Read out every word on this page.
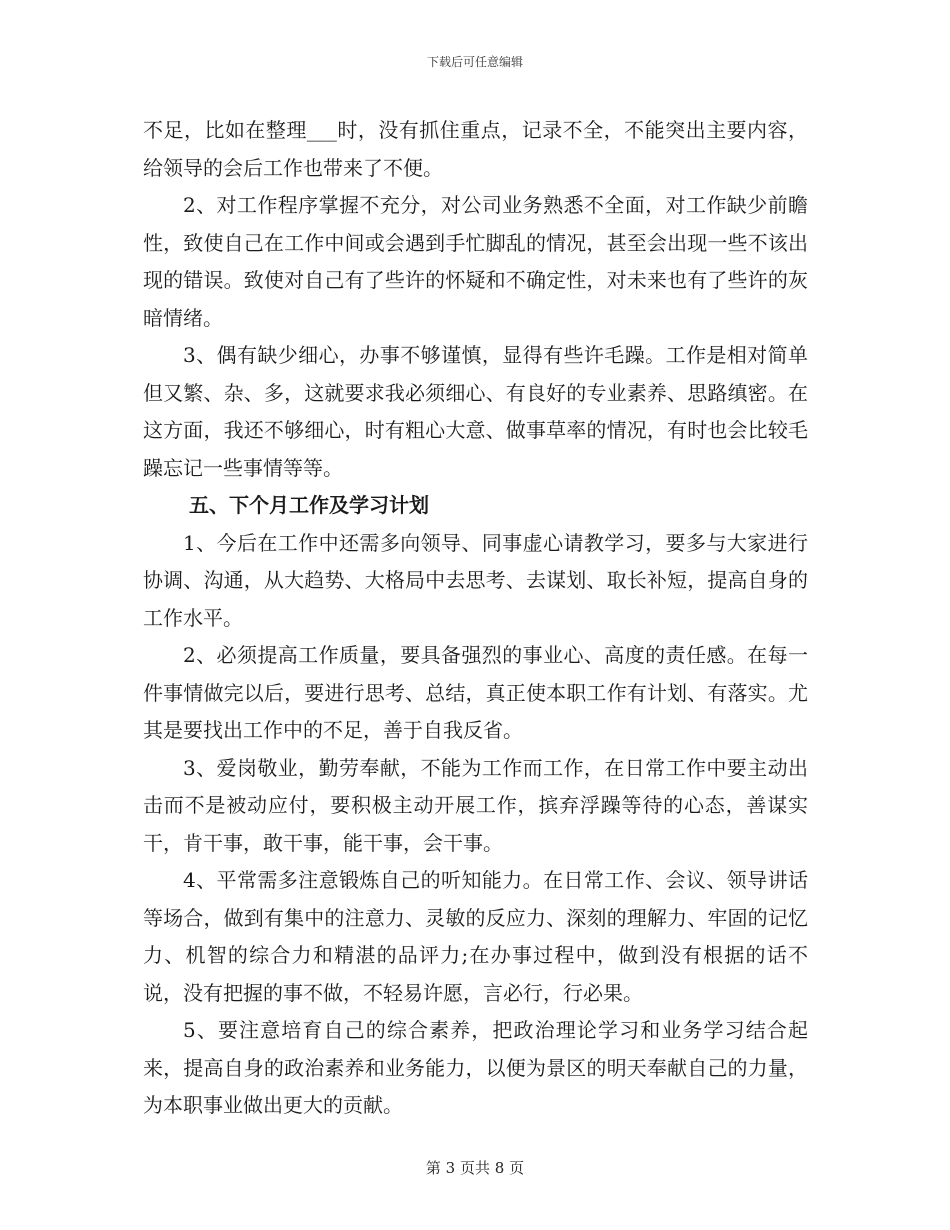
下载后可任意编辑

不足，比如在整理___时，没有抓住重点，记录不全，不能突出主要内容，给领导的会后工作也带来了不便。

2、对工作程序掌握不充分，对公司业务熟悉不全面，对工作缺少前瞻性，致使自己在工作中间或会遇到手忙脚乱的情况，甚至会出现一些不该出现的错误。致使对自己有了些许的怀疑和不确定性，对未来也有了些许的灰暗情绪。

3、偶有缺少细心，办事不够谨慎，显得有些许毛躁。工作是相对简单但又繁、杂、多，这就要求我必须细心、有良好的专业素养、思路缜密。在这方面，我还不够细心，时有粗心大意、做事草率的情况，有时也会比较毛躁忘记一些事情等等。

五、下个月工作及学习计划

1、今后在工作中还需多向领导、同事虚心请教学习，要多与大家进行协调、沟通，从大趋势、大格局中去思考、去谋划、取长补短，提高自身的工作水平。

2、必须提高工作质量，要具备强烈的事业心、高度的责任感。在每一件事情做完以后，要进行思考、总结，真正使本职工作有计划、有落实。尤其是要找出工作中的不足，善于自我反省。

3、爱岗敬业，勤劳奉献，不能为工作而工作，在日常工作中要主动出击而不是被动应付，要积极主动开展工作，摈弃浮躁等待的心态，善谋实干，肯干事，敢干事，能干事，会干事。

4、平常需多注意锻炼自己的听知能力。在日常工作、会议、领导讲话等场合，做到有集中的注意力、灵敏的反应力、深刻的理解力、牢固的记忆力、机智的综合力和精湛的品评力;在办事过程中，做到没有根据的话不说，没有把握的事不做，不轻易许愿，言必行，行必果。

5、要注意培育自己的综合素养，把政治理论学习和业务学习结合起来，提高自身的政治素养和业务能力，以便为景区的明天奉献自己的力量，为本职事业做出更大的贡献。

第 3 页共 8 页
